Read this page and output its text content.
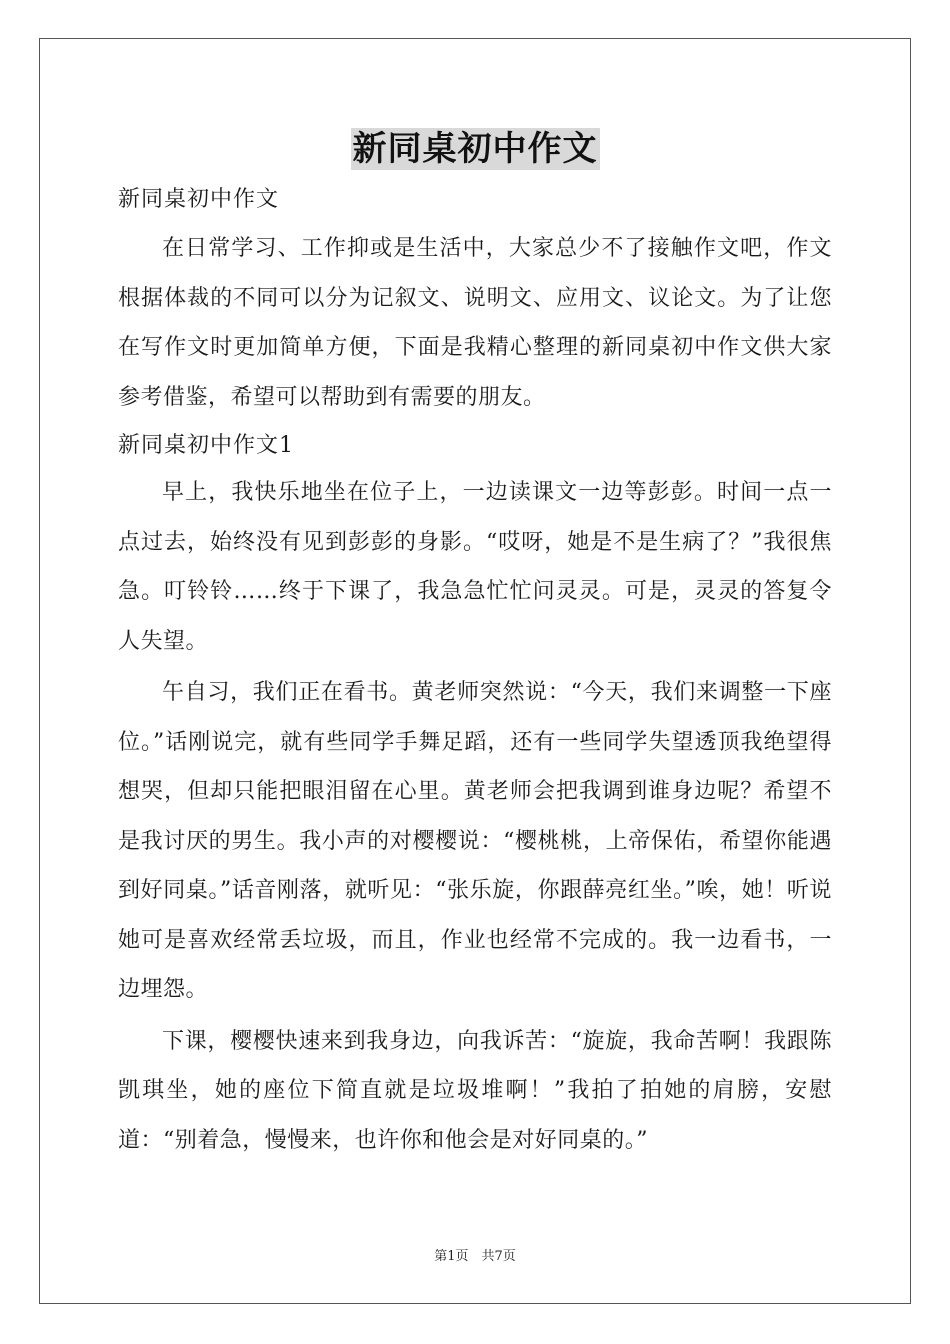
新同桌初中作文

新同桌初中作文

在日常学习、工作抑或是生活中，大家总少不了接触作文吧，作文根据体裁的不同可以分为记叙文、说明文、应用文、议论文。为了让您在写作文时更加简单方便，下面是我精心整理的新同桌初中作文供大家参考借鉴，希望可以帮助到有需要的朋友。

新同桌初中作文1

早上，我快乐地坐在位子上，一边读课文一边等彭彭。时间一点一点过去，始终没有见到彭彭的身影。“哎呀，她是不是生病了？”我很焦急。叮铃铃……终于下课了，我急急忙忙问灵灵。可是，灵灵的答复令人失望。

午自习，我们正在看书。黄老师突然说：“今天，我们来调整一下座位。”话刚说完，就有些同学手舞足蹈，还有一些同学失望透顶我绝望得想哭，但却只能把眼泪留在心里。黄老师会把我调到谁身边呢？希望不是我讨厌的男生。我小声的对樱樱说：“樱桃桃，上帝保佑，希望你能遇到好同桌。”话音刚落，就听见：“张乐旋，你跟薛亮红坐。”唉，她！听说她可是喜欢经常丢垃圾，而且，作业也经常不完成的。我一边看书，一边埋怨。

下课，樱樱快速来到我身边，向我诉苦：“旋旋，我命苦啊！我跟陈凯琪坐，她的座位下简直就是垃圾堆啊！”我拍了拍她的肩膀，安慰道：“别着急，慢慢来，也许你和他会是对好同桌的。”

第1页　共7页
